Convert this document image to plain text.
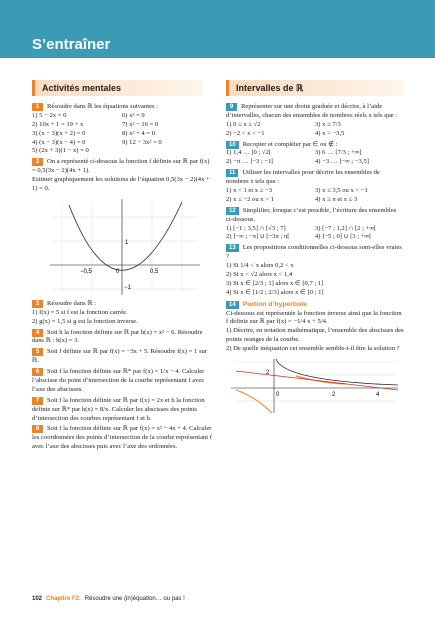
S’entraîner
Activités mentales
1 Résoudre dans ℝ les équations suivantes :
1) 5 − 2x = 0	6) x² = 9
2) 10x + 1 = 19 + x	7) x² − 16 = 0
3) (x − 3)(x + 2) = 0	8) x² + 4 = 0
4) (x − 3)(x − 4) = 0	9) 12 − 3x² = 0
5) (2x + 3)(1 − x) = 0
2 On a représenté ci-dessous la fonction f définie sur ℝ par f(x) = 0,5(3x − 2)(4x + 1).
Estimer graphiquement les solutions de l’équation 0,5(3x − 2)(4x + 1) = 0.
1
−1
−0,5	0	0,5
3 Résoudre dans ℝ :
1) f(x) = 5 si f est la fonction carrée.
2) g(x) = 1,5 si g est la fonction inverse.
4 Soit h la fonction définie sur ℝ par h(x) = x² − 6. Résoudre dans ℝ : h(x) = 3.
5 Soit f définie sur ℝ par f(x) = −3x + 5. Résoudre f(x) = 1 sur ℝ.
6 Soit f la fonction définie sur ℝ* par f(x) = 1/x − 4. Calculer l’abscisse du point d’intersection de la courbe représentant f avec l’axe des abscisses.
7 Soit f la fonction définie sur ℝ par f(x) = 2x et h la fonction définie sur ℝ* par h(x) = 8/x. Calculer les abscisses des points d’intersection des courbes représentant f et h.
8 Soit f la fonction définie sur ℝ par f(x) = x² − 4x + 4. Calculer les coordonnées des points d’intersection de la courbe représentant f avec l’axe des abscisses puis avec l’axe des ordonnées.
Intervalles de ℝ
9 Représenter sur une droite graduée et décrire, à l’aide d’intervalles, chacun des ensembles de nombres réels x tels que :
1) 0 ≤ x ≤ √2	3) x ≥ 7/3
2) −2 < x < −1	4) x > −3,5
10 Recopier et compléter par ∈ ou ∉ :
1) 1,4 … ]0 ; √2[	3) 6 … [7/3 ; +∞[
2) −π … ]−3 ; −1[	4) −3 … ]−∞ ; −3,5]
11 Utiliser les intervalles pour décrire les ensembles de nombres x tels que :
1) x < 1 et x ≥ −3	3) x ≤ 3,5 ou x < −1
2) x ≤ −2 ou x > 1	4) x ≥ π et x ≤ 3
12 Simplifier, lorsque c’est possible, l’écriture des ensembles ci-dessous.
1) [−1 ; 3,5] ∩ [√3 ; 7]	3) [−7 ; 1,2] ∩ [2 ; +∞[
2) ]−∞ ; −π] ∪ [−3π ; π[	4) ]−5 ; 0] ∪ [3 ; +∞[
13 Les propositions conditionnelles ci-dessous sont-elles vraies ?
1) Si 1/4 < x alors 0,2 < x
2) Si x < √2 alors x < 1,4
3) Si x ∈ [2/3 ; 1] alors x ∈ [0,7 ; 1]
4) Si x ∈ [1/2 ; 2/3] alors x ∈ [0 ; 1]
14 Portion d’hyperbole
Ci-dessous est représentée la fonction inverse ainsi que la fonction f définie sur ℝ par f(x) = −1/4 x + 5/4.
1) Décrire, en notation mathématique, l’ensemble des abscisses des points oranges de la courbe.
2) De quelle inéquation cet ensemble semble-t-il être la solution ?
2
0	2	4
102 Chapitre F2. Résoudre une (in)équation… ou pas !
